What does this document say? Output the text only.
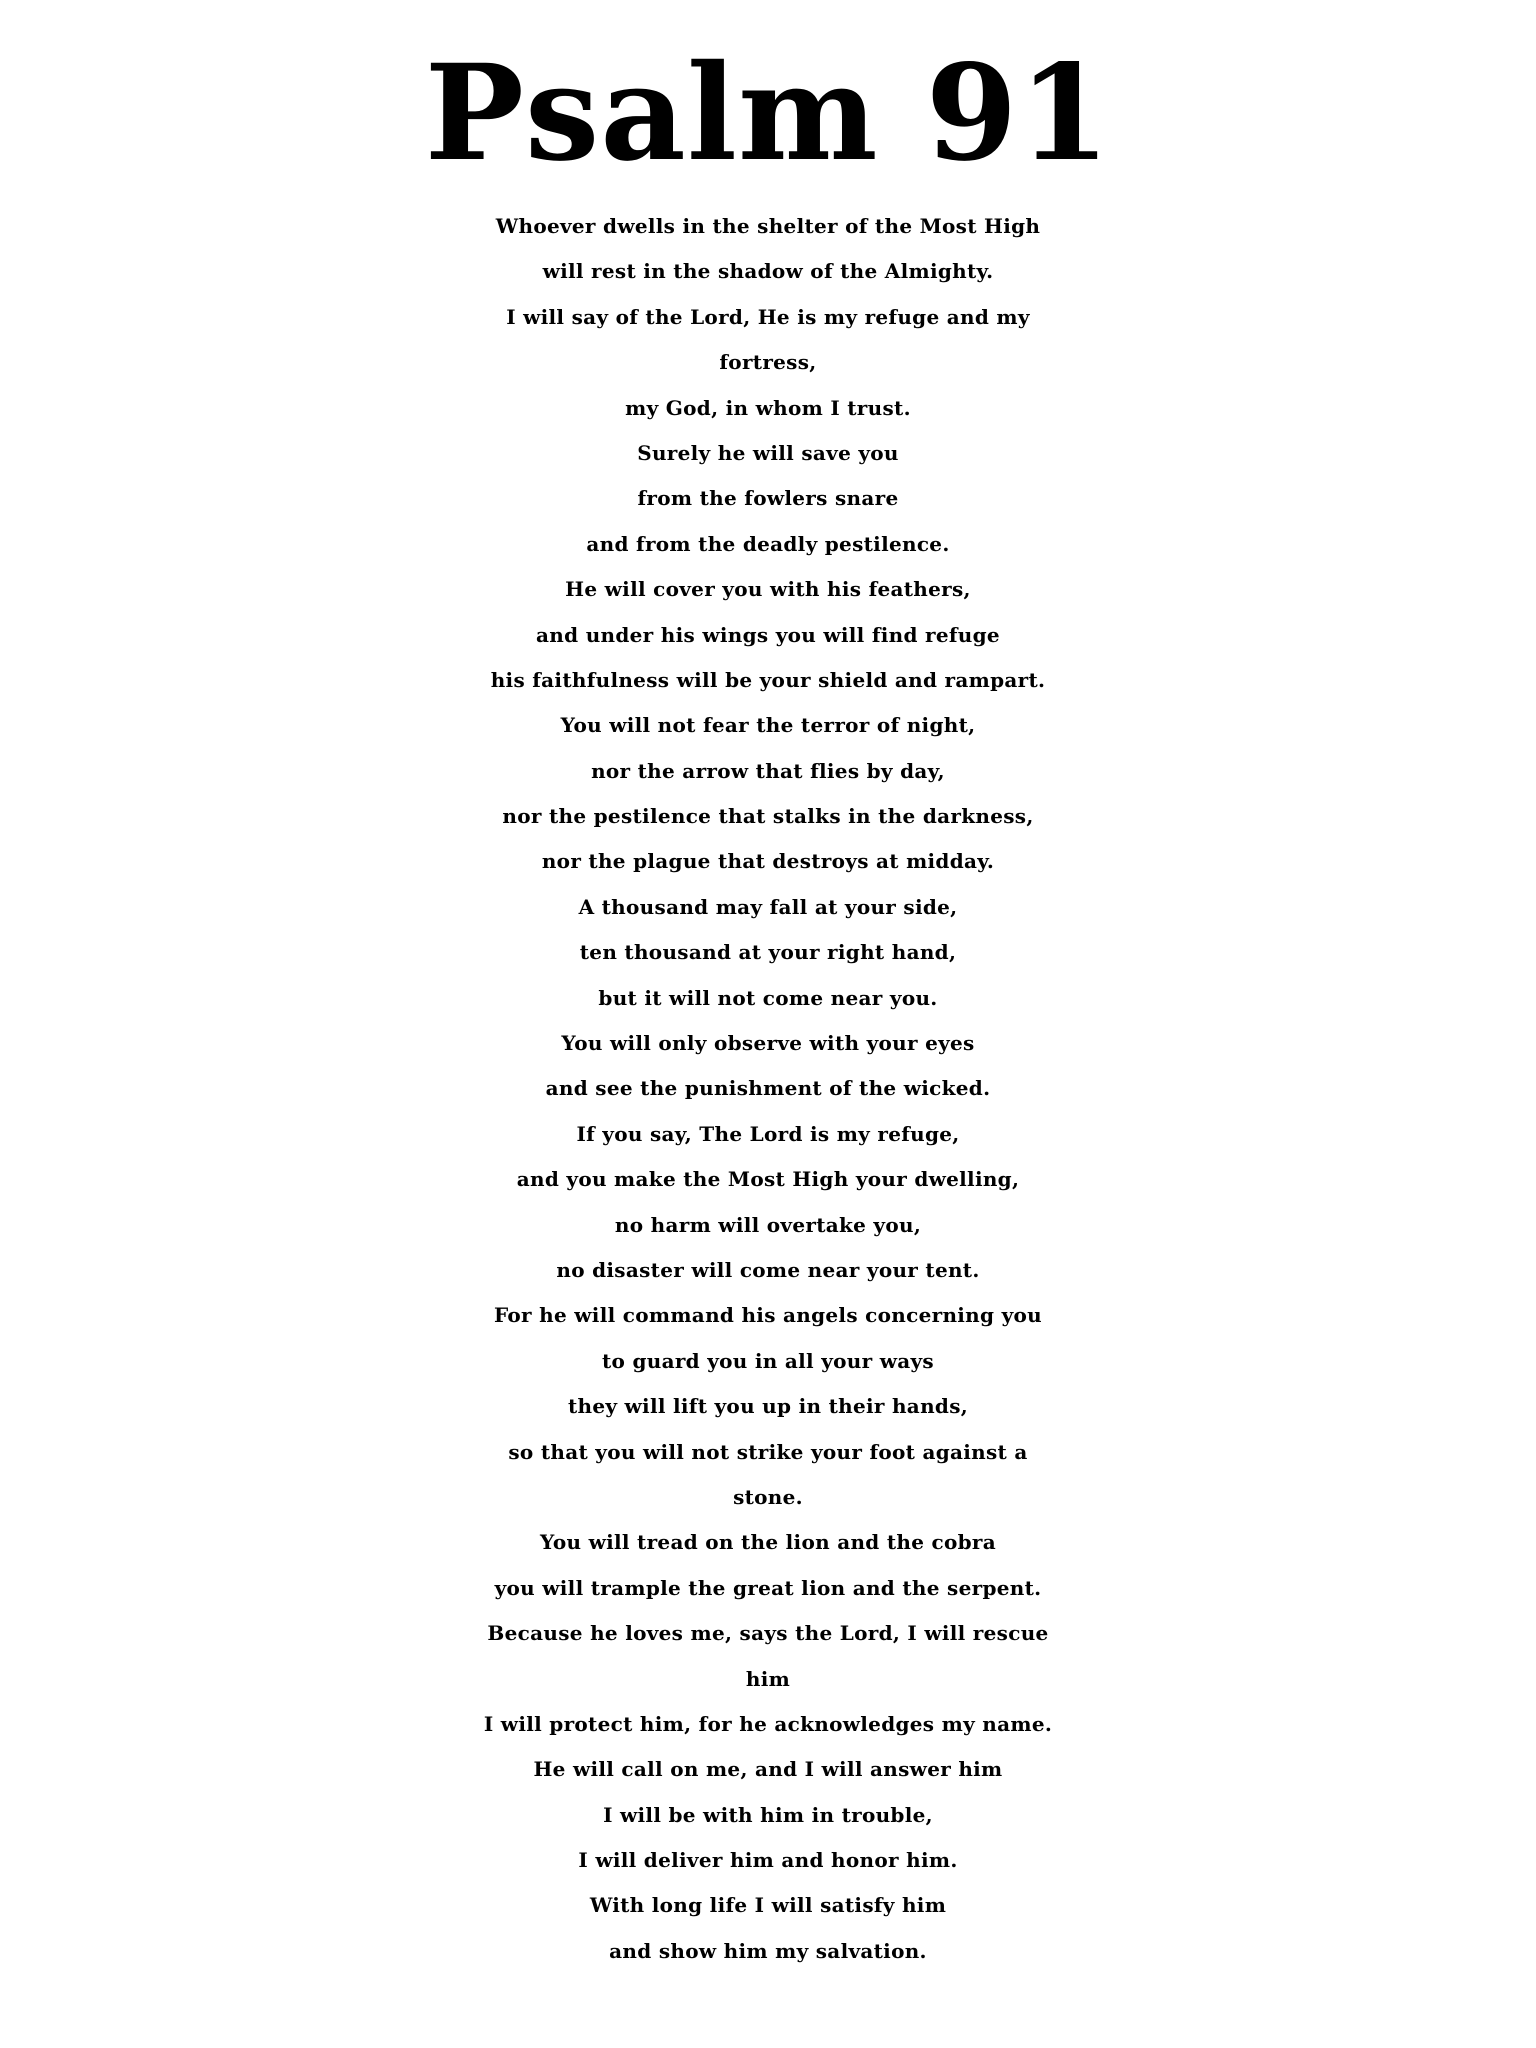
Psalm 91
Whoever dwells in the shelter of the Most High
will rest in the shadow of the Almighty.
I will say of the Lord, He is my refuge and my
fortress,
my God, in whom I trust.
Surely he will save you
from the fowlers snare
and from the deadly pestilence.
He will cover you with his feathers,
and under his wings you will find refuge
his faithfulness will be your shield and rampart.
You will not fear the terror of night,
nor the arrow that flies by day,
nor the pestilence that stalks in the darkness,
nor the plague that destroys at midday.
A thousand may fall at your side,
ten thousand at your right hand,
but it will not come near you.
You will only observe with your eyes
and see the punishment of the wicked.
If you say, The Lord is my refuge,
and you make the Most High your dwelling,
no harm will overtake you,
no disaster will come near your tent.
For he will command his angels concerning you
to guard you in all your ways
they will lift you up in their hands,
so that you will not strike your foot against a
stone.
You will tread on the lion and the cobra
you will trample the great lion and the serpent.
Because he loves me, says the Lord, I will rescue
him
I will protect him, for he acknowledges my name.
He will call on me, and I will answer him
I will be with him in trouble,
I will deliver him and honor him.
With long life I will satisfy him
and show him my salvation.
